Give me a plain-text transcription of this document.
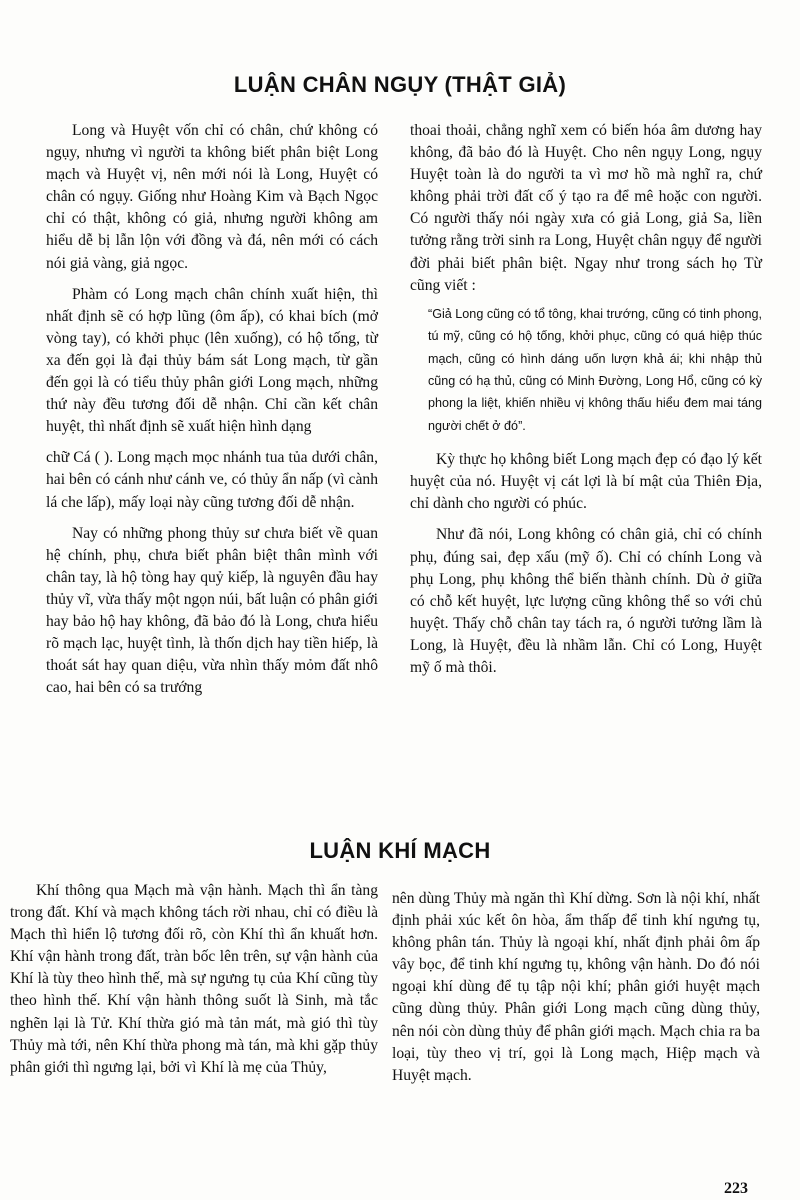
LUẬN CHÂN NGỤY (THẬT GIẢ)

Long và Huyệt vốn chỉ có chân, chứ không có ngụy, nhưng vì người ta không biết phân biệt Long mạch và Huyệt vị, nên mới nói là Long, Huyệt có chân có ngụy. Giống như Hoàng Kim và Bạch Ngọc chỉ có thật, không có giả, nhưng người không am hiểu dễ bị lẫn lộn với đồng và đá, nên mới có cách nói giả vàng, giả ngọc.

Phàm có Long mạch chân chính xuất hiện, thì nhất định sẽ có hợp lũng (ôm ấp), có khai bích (mở vòng tay), có khởi phục (lên xuống), có hộ tống, từ xa đến gọi là đại thủy bám sát Long mạch, từ gần đến gọi là có tiểu thủy phân giới Long mạch, những thứ này đều tương đối dễ nhận. Chỉ cần kết chân huyệt, thì nhất định sẽ xuất hiện hình dạng

chữ Cá ( ). Long mạch mọc nhánh tua tủa dưới chân, hai bên có cánh như cánh ve, có thủy ẩn nấp (vì cành lá che lấp), mấy loại này cũng tương đối dễ nhận.

Nay có những phong thủy sư chưa biết về quan hệ chính, phụ, chưa biết phân biệt thân mình với chân tay, là hộ tòng hay quỷ kiếp, là nguyên đầu hay thủy vĩ, vừa thấy một ngọn núi, bất luận có phân giới hay bảo hộ hay không, đã bảo đó là Long, chưa hiểu rõ mạch lạc, huyệt tình, là thốn dịch hay tiền hiếp, là thoát sát hay quan diệu, vừa nhìn thấy mỏm đất nhô cao, hai bên có sa trướng

thoai thoải, chẳng nghĩ xem có biến hóa âm dương hay không, đã bảo đó là Huyệt. Cho nên ngụy Long, ngụy Huyệt toàn là do người ta vì mơ hồ mà nghĩ ra, chứ không phải trời đất cố ý tạo ra để mê hoặc con người. Có người thấy nói ngày xưa có giả Long, giả Sa, liền tưởng rằng trời sinh ra Long, Huyệt chân ngụy để người đời phải biết phân biệt. Ngay như trong sách họ Từ cũng viết :

“Giả Long cũng có tổ tông, khai trướng, cũng có tinh phong, tú mỹ, cũng có hộ tống, khởi phục, cũng có quá hiệp thúc mạch, cũng có hình dáng uốn lượn khả ái; khi nhập thủ cũng có hạ thủ, cũng có Minh Đường, Long Hổ, cũng có kỳ phong la liệt, khiến nhiều vị không thấu hiểu đem mai táng người chết ở đó”.

Kỳ thực họ không biết Long mạch đẹp có đạo lý kết huyệt của nó. Huyệt vị cát lợi là bí mật của Thiên Địa, chỉ dành cho người có phúc.

Như đã nói, Long không có chân giả, chỉ có chính phụ, đúng sai, đẹp xấu (mỹ ố). Chỉ có chính Long và phụ Long, phụ không thể biến thành chính. Dù ở giữa có chỗ kết huyệt, lực lượng cũng không thể so với chủ huyệt. Thấy chỗ chân tay tách ra, ó người tưởng lầm là Long, là Huyệt, đều là nhầm lẫn. Chỉ có Long, Huyệt mỹ ố mà thôi.

LUẬN KHÍ MẠCH

Khí thông qua Mạch mà vận hành. Mạch thì ẩn tàng trong đất. Khí và mạch không tách rời nhau, chỉ có điều là Mạch thì hiển lộ tương đối rõ, còn Khí thì ẩn khuất hơn. Khí vận hành trong đất, tràn bốc lên trên, sự vận hành của Khí là tùy theo hình thế, mà sự ngưng tụ của Khí cũng tùy theo hình thế. Khí vận hành thông suốt là Sinh, mà tắc nghẽn lại là Tử. Khí thừa gió mà tản mát, mà gió thì tùy Thủy mà tới, nên Khí thừa phong mà tán, mà khi gặp thủy phân giới thì ngưng lại, bởi vì Khí là mẹ của Thủy,

nên dùng Thủy mà ngăn thì Khí dừng. Sơn là nội khí, nhất định phải xúc kết ôn hòa, ẩm thấp để tinh khí ngưng tụ, không phân tán. Thủy là ngoại khí, nhất định phải ôm ấp vây bọc, để tinh khí ngưng tụ, không vận hành. Do đó nói ngoại khí dùng để tụ tập nội khí; phân giới huyệt mạch cũng dùng thủy. Phân giới Long mạch cũng dùng thủy, nên nói còn dùng thủy để phân giới mạch. Mạch chia ra ba loại, tùy theo vị trí, gọi là Long mạch, Hiệp mạch và Huyệt mạch.

223
